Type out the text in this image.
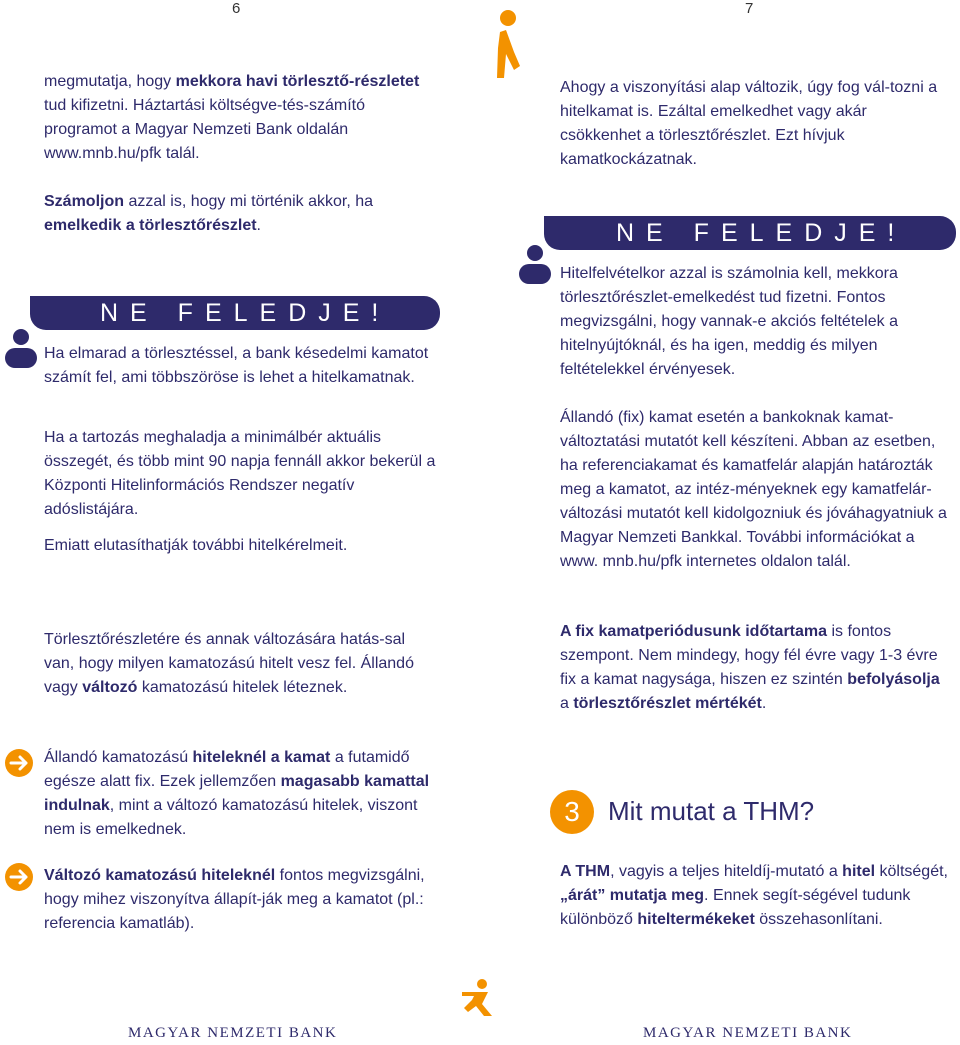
6

megmutatja, hogy mekkora havi törlesztő-részletet tud kifizetni. Háztartási költségve-tés-számító programot a Magyar Nemzeti Bank oldalán www.mnb.hu/pfk talál.

Számoljon azzal is, hogy mi történik akkor, ha emelkedik a törlesztőrészlet.

NE FELEDJE!

Ha elmarad a törlesztéssel, a bank késedelmi kamatot számít fel, ami többszöröse is lehet a hitelkamatnak.

Ha a tartozás meghaladja a minimálbér aktuális összegét, és több mint 90 napja fennáll akkor bekerül a Központi Hitelinformációs Rendszer negatív adóslistájára.

Emiatt elutasíthatják további hitelkérelmeit.

Törlesztőrészletére és annak változására hatás-sal van, hogy milyen kamatozású hitelt vesz fel. Állandó vagy változó kamatozású hitelek léteznek.

Állandó kamatozású hiteleknél a kamat a futamidő egésze alatt fix. Ezek jellemzően magasabb kamattal indulnak, mint a változó kamatozású hitelek, viszont nem is emelkednek.

Változó kamatozású hiteleknél fontos megvizsgálni, hogy mihez viszonyítva állapít-ják meg a kamatot (pl.: referencia kamatláb).

MAGYAR NEMZETI BANK
7

Ahogy a viszonyítási alap változik, úgy fog vál-tozni a hitelkamat is. Ezáltal emelkedhet vagy akár csökkenhet a törlesztőrészlet. Ezt hívjuk kamatkockázatnak.

NE FELEDJE!

Hitelfelvételkor azzal is számolnia kell, mekkora törlesztőrészlet-emelkedést tud fizetni. Fontos megvizsgálni, hogy vannak-e akciós feltételek a hitelnyújtóknál, és ha igen, meddig és milyen feltételekkel érvényesek.

Állandó (fix) kamat esetén a bankoknak kamat-változtatási mutatót kell készíteni. Abban az esetben, ha referenciakamat és kamatfelár alapján határozták meg a kamatot, az intéz-ményeknek egy kamatfelár-változási mutatót kell kidolgozniuk és jóváhagyatniuk a Magyar Nemzeti Bankkal. További információkat a www. mnb.hu/pfk internetes oldalon talál.

A fix kamatperiódusunk időtartama is fontos szempont. Nem mindegy, hogy fél évre vagy 1-3 évre fix a kamat nagysága, hiszen ez szintén befolyásolja a törlesztőrészlet mértékét.

3	Mit mutat a THM?

A THM, vagyis a teljes hiteldíj-mutató a hitel költségét, „árát” mutatja meg. Ennek segít-ségével tudunk különböző hiteltermékeket összehasonlítani.

MAGYAR NEMZETI BANK
